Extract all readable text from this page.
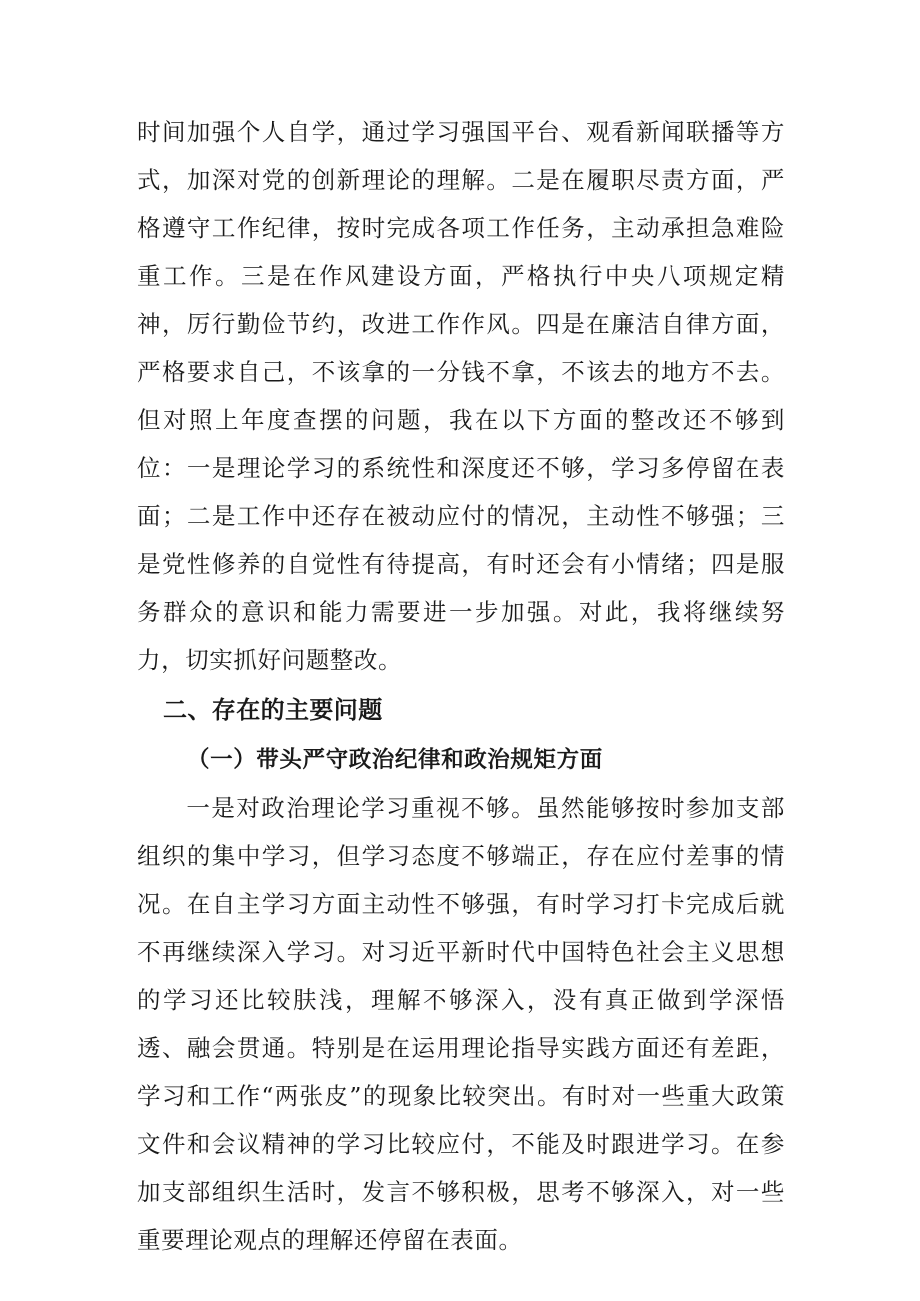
时间加强个人自学，通过学习强国平台、观看新闻联播等方式，加深对党的创新理论的理解。二是在履职尽责方面，严格遵守工作纪律，按时完成各项工作任务，主动承担急难险重工作。三是在作风建设方面，严格执行中央八项规定精神，厉行勤俭节约，改进工作作风。四是在廉洁自律方面，严格要求自己，不该拿的一分钱不拿，不该去的地方不去。但对照上年度查摆的问题，我在以下方面的整改还不够到位：一是理论学习的系统性和深度还不够，学习多停留在表面；二是工作中还存在被动应付的情况，主动性不够强；三是党性修养的自觉性有待提高，有时还会有小情绪；四是服务群众的意识和能力需要进一步加强。对此，我将继续努力，切实抓好问题整改。

二、存在的主要问题
（一）带头严守政治纪律和政治规矩方面

一是对政治理论学习重视不够。虽然能够按时参加支部组织的集中学习，但学习态度不够端正，存在应付差事的情况。在自主学习方面主动性不够强，有时学习打卡完成后就不再继续深入学习。对习近平新时代中国特色社会主义思想的学习还比较肤浅，理解不够深入，没有真正做到学深悟透、融会贯通。特别是在运用理论指导实践方面还有差距，学习和工作“两张皮”的现象比较突出。有时对一些重大政策文件和会议精神的学习比较应付，不能及时跟进学习。在参加支部组织生活时，发言不够积极，思考不够深入，对一些重要理论观点的理解还停留在表面。
